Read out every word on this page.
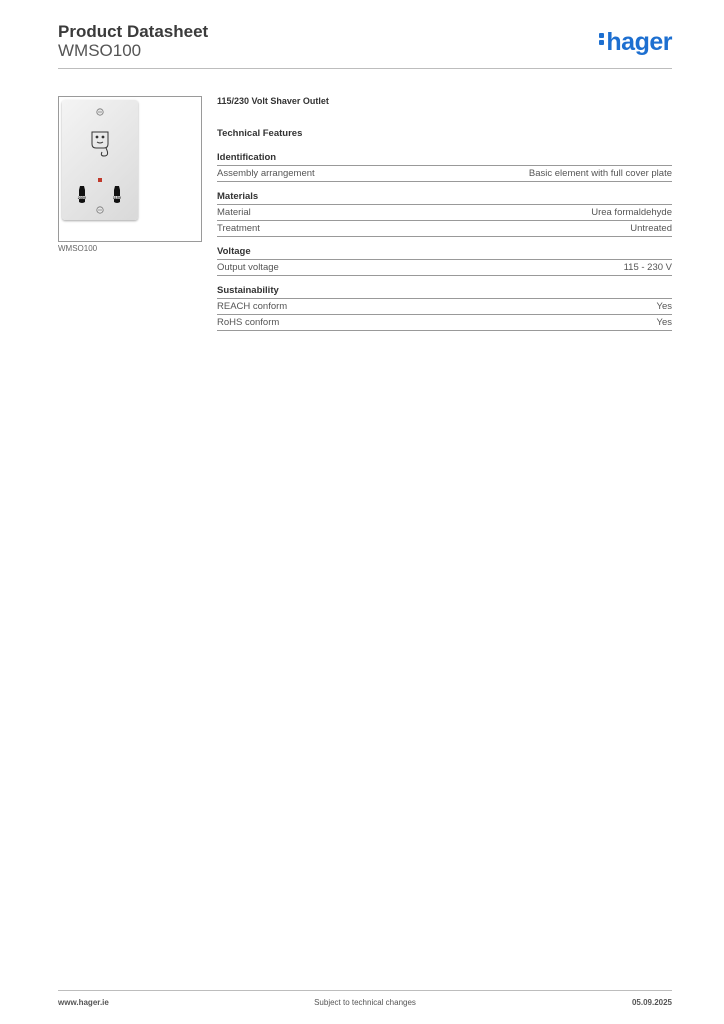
Product Datasheet
WMSO100	hager
230V	115V
WMSO100
115/230 Volt Shaver Outlet
Technical Features
Identification
Assembly arrangement	Basic element with full cover plate
Materials
Material	Urea formaldehyde
Treatment	Untreated
Voltage
Output voltage	115 - 230 V
Sustainability
REACH conform	Yes
RoHS conform	Yes
www.hager.ie	Subject to technical changes	05.09.2025
